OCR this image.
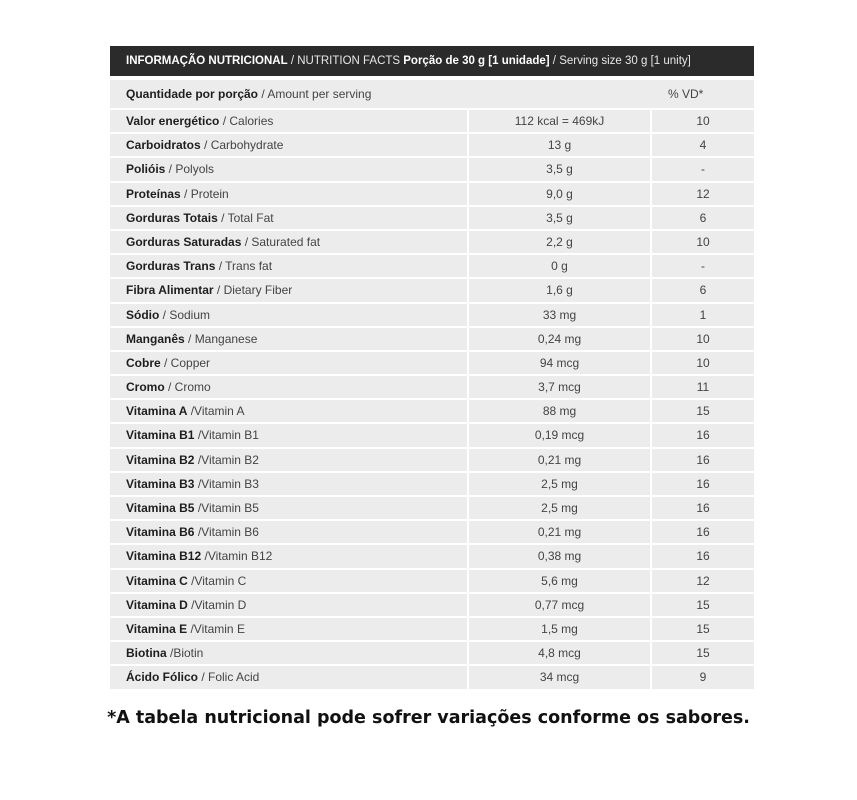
INFORMAÇÃO NUTRICIONAL / NUTRITION FACTS Porção de 30 g [1 unidade] / Serving size 30 g [1 unity]
Quantidade por porção / Amount per serving	% VD*
Valor energético / Calories	112 kcal = 469kJ	10
Carboidratos / Carbohydrate	13 g	4
Polióis / Polyols	3,5 g	-
Proteínas / Protein	9,0 g	12
Gorduras Totais / Total Fat	3,5 g	6
Gorduras Saturadas / Saturated fat	2,2 g	10
Gorduras Trans / Trans fat	0 g	-
Fibra Alimentar / Dietary Fiber	1,6 g	6
Sódio / Sodium	33 mg	1
Manganês / Manganese	0,24 mg	10
Cobre / Copper	94 mcg	10
Cromo / Cromo	3,7 mcg	11
Vitamina A /Vitamin A	88 mg	15
Vitamina B1 /Vitamin B1	0,19 mcg	16
Vitamina B2 /Vitamin B2	0,21 mg	16
Vitamina B3 /Vitamin B3	2,5 mg	16
Vitamina B5 /Vitamin B5	2,5 mg	16
Vitamina B6 /Vitamin B6	0,21 mg	16
Vitamina B12 /Vitamin B12	0,38 mg	16
Vitamina C /Vitamin C	5,6 mg	12
Vitamina D /Vitamin D	0,77 mcg	15
Vitamina E /Vitamin E	1,5 mg	15
Biotina /Biotin	4,8 mcg	15
Ácido Fólico / Folic Acid	34 mcg	9
*A tabela nutricional pode sofrer variações conforme os sabores.
